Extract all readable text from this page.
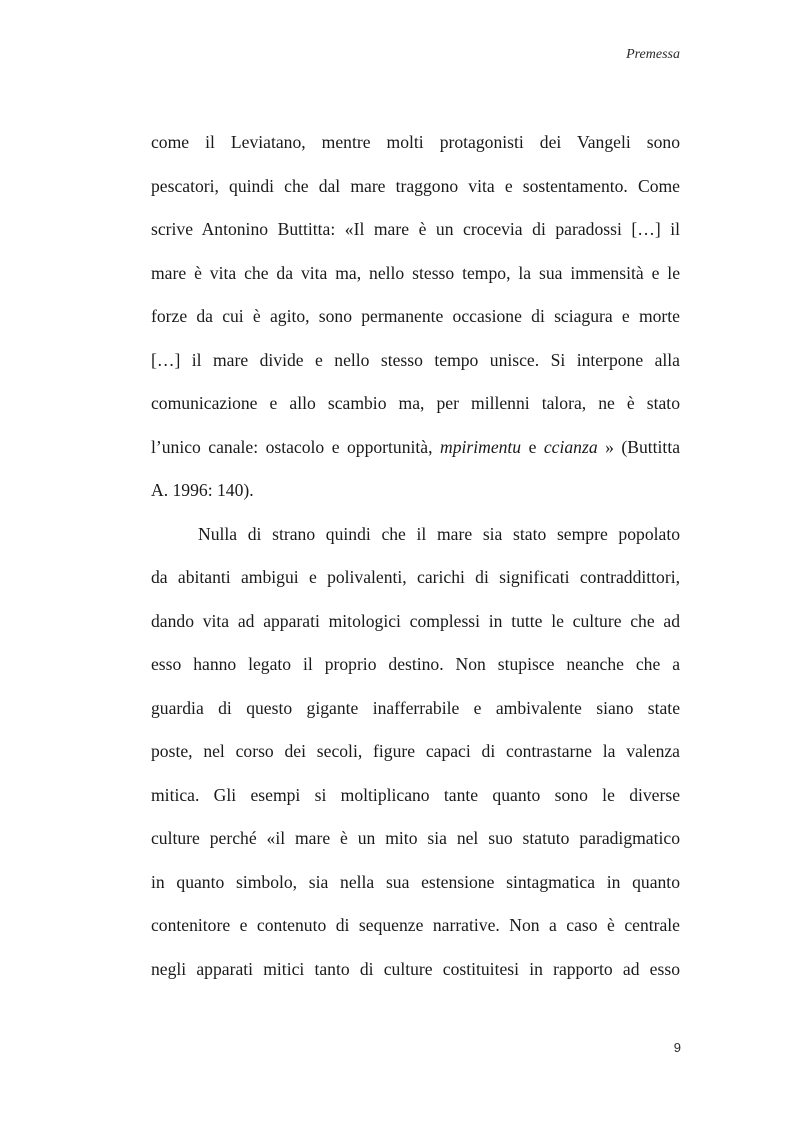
Premessa

come il Leviatano, mentre molti protagonisti dei Vangeli sono

pescatori, quindi che dal mare traggono vita e sostentamento. Come

scrive Antonino Buttitta: «Il mare è un crocevia di paradossi […] il

mare è vita che da vita ma, nello stesso tempo, la sua immensità e le

forze da cui è agito, sono permanente occasione di sciagura e morte

[…] il mare divide e nello stesso tempo unisce. Si interpone alla

comunicazione e allo scambio ma, per millenni talora, ne è stato

l’unico canale: ostacolo e opportunità, mpirimentu e ccianza » (Buttitta

A. 1996: 140).

Nulla di strano quindi che il mare sia stato sempre popolato

da abitanti ambigui e polivalenti, carichi di significati contraddittori,

dando vita ad apparati mitologici complessi in tutte le culture che ad

esso hanno legato il proprio destino. Non stupisce neanche che a

guardia di questo gigante inafferrabile e ambivalente siano state

poste, nel corso dei secoli, figure capaci di contrastarne la valenza

mitica. Gli esempi si moltiplicano tante quanto sono le diverse

culture perché «il mare è un mito sia nel suo statuto paradigmatico

in quanto simbolo, sia nella sua estensione sintagmatica in quanto

contenitore e contenuto di sequenze narrative. Non a caso è centrale

negli apparati mitici tanto di culture costituitesi in rapporto ad esso

9
